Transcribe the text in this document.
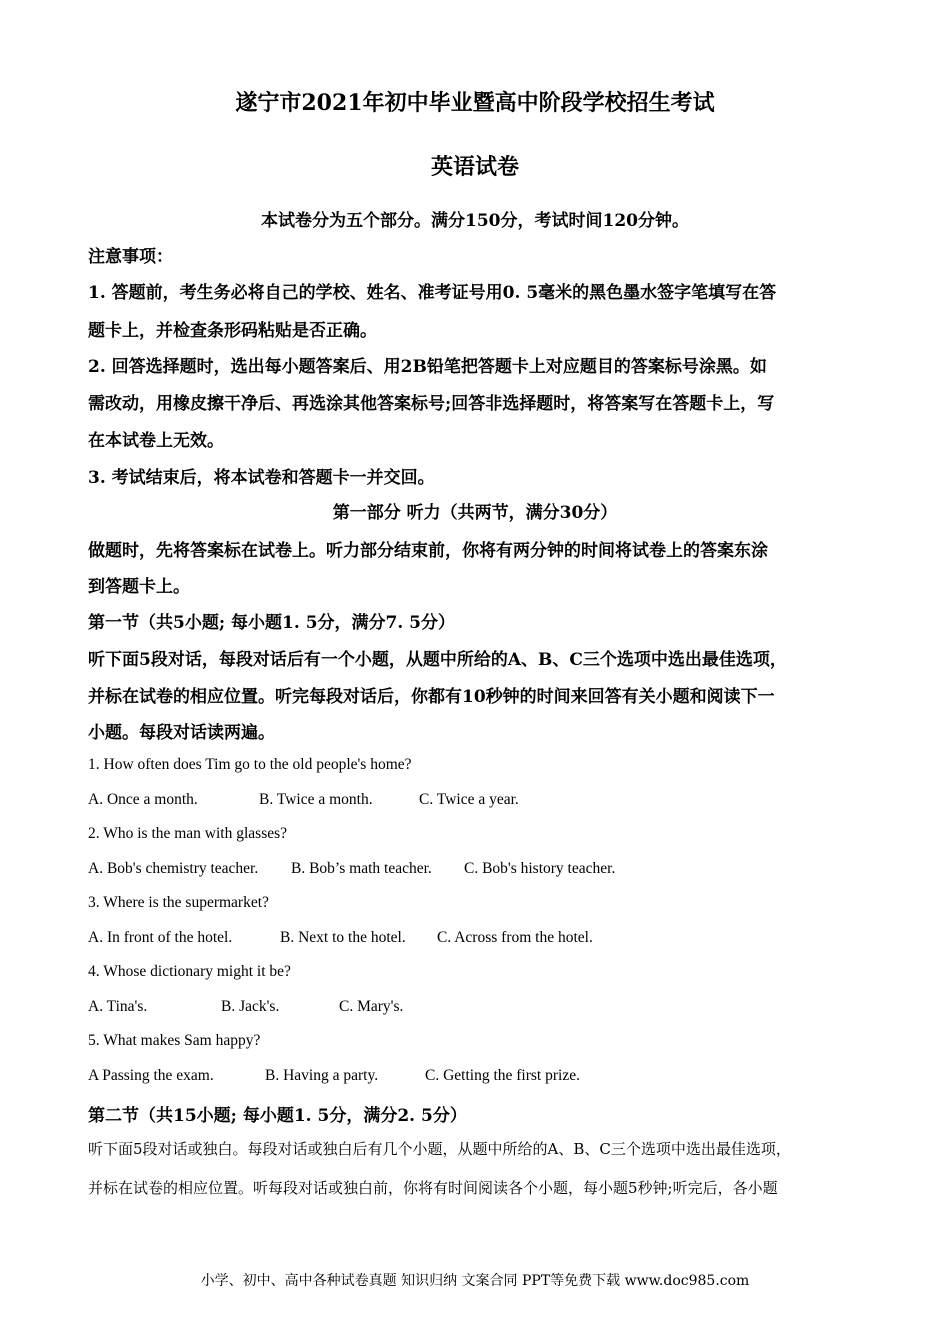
遂宁市2021年初中毕业暨高中阶段学校招生考试
英语试卷
本试卷分为五个部分。满分150分，考试时间120分钟。
注意事项：
1. 答题前，考生务必将自己的学校、姓名、准考证号用0. 5毫米的黑色墨水签字笔填写在答
题卡上，并检查条形码粘贴是否正确。
2. 回答选择题时，选出每小题答案后、用2B铅笔把答题卡上对应题目的答案标号涂黑。如
需改动，用橡皮擦干净后、再选涂其他答案标号;回答非选择题时，将答案写在答题卡上，写
在本试卷上无效。
3. 考试结束后，将本试卷和答题卡一并交回。
第一部分 听力（共两节，满分30分）
做题时，先将答案标在试卷上。听力部分结束前，你将有两分钟的时间将试卷上的答案东涂
到答题卡上。
第一节（共5小题; 每小题1. 5分，满分7. 5分）
听下面5段对话，每段对话后有一个小题，从题中所给的A、B、C三个选项中选出最佳选项，
并标在试卷的相应位置。听完每段对话后，你都有10秒钟的时间来回答有关小题和阅读下一
小题。每段对话读两遍。
1. How often does Tim go to the old people's home?
A. Once a month.	B. Twice a month.	C. Twice a year.
2. Who is the man with glasses?
A. Bob's chemistry teacher. B. Bob’s math teacher. C. Bob's history teacher.
3. Where is the supermarket?
A. In front of the hotel.	B. Next to the hotel. C. Across from the hotel.
4. Whose dictionary might it be?
A. Tina's.	B. Jack's.	C. Mary's.
5. What makes Sam happy?
A Passing the exam.	B. Having a party.	C. Getting the first prize.
第二节（共15小题; 每小题1. 5分，满分2. 5分）
听下面5段对话或独白。每段对话或独白后有几个小题，从题中所给的A、B、C三个选项中选出最佳选项，
并标在试卷的相应位置。听每段对话或独白前，你将有时间阅读各个小题，每小题5秒钟;听完后，各小题
小学、初中、高中各种试卷真题 知识归纳 文案合同 PPT等免费下载 www.doc985.com
